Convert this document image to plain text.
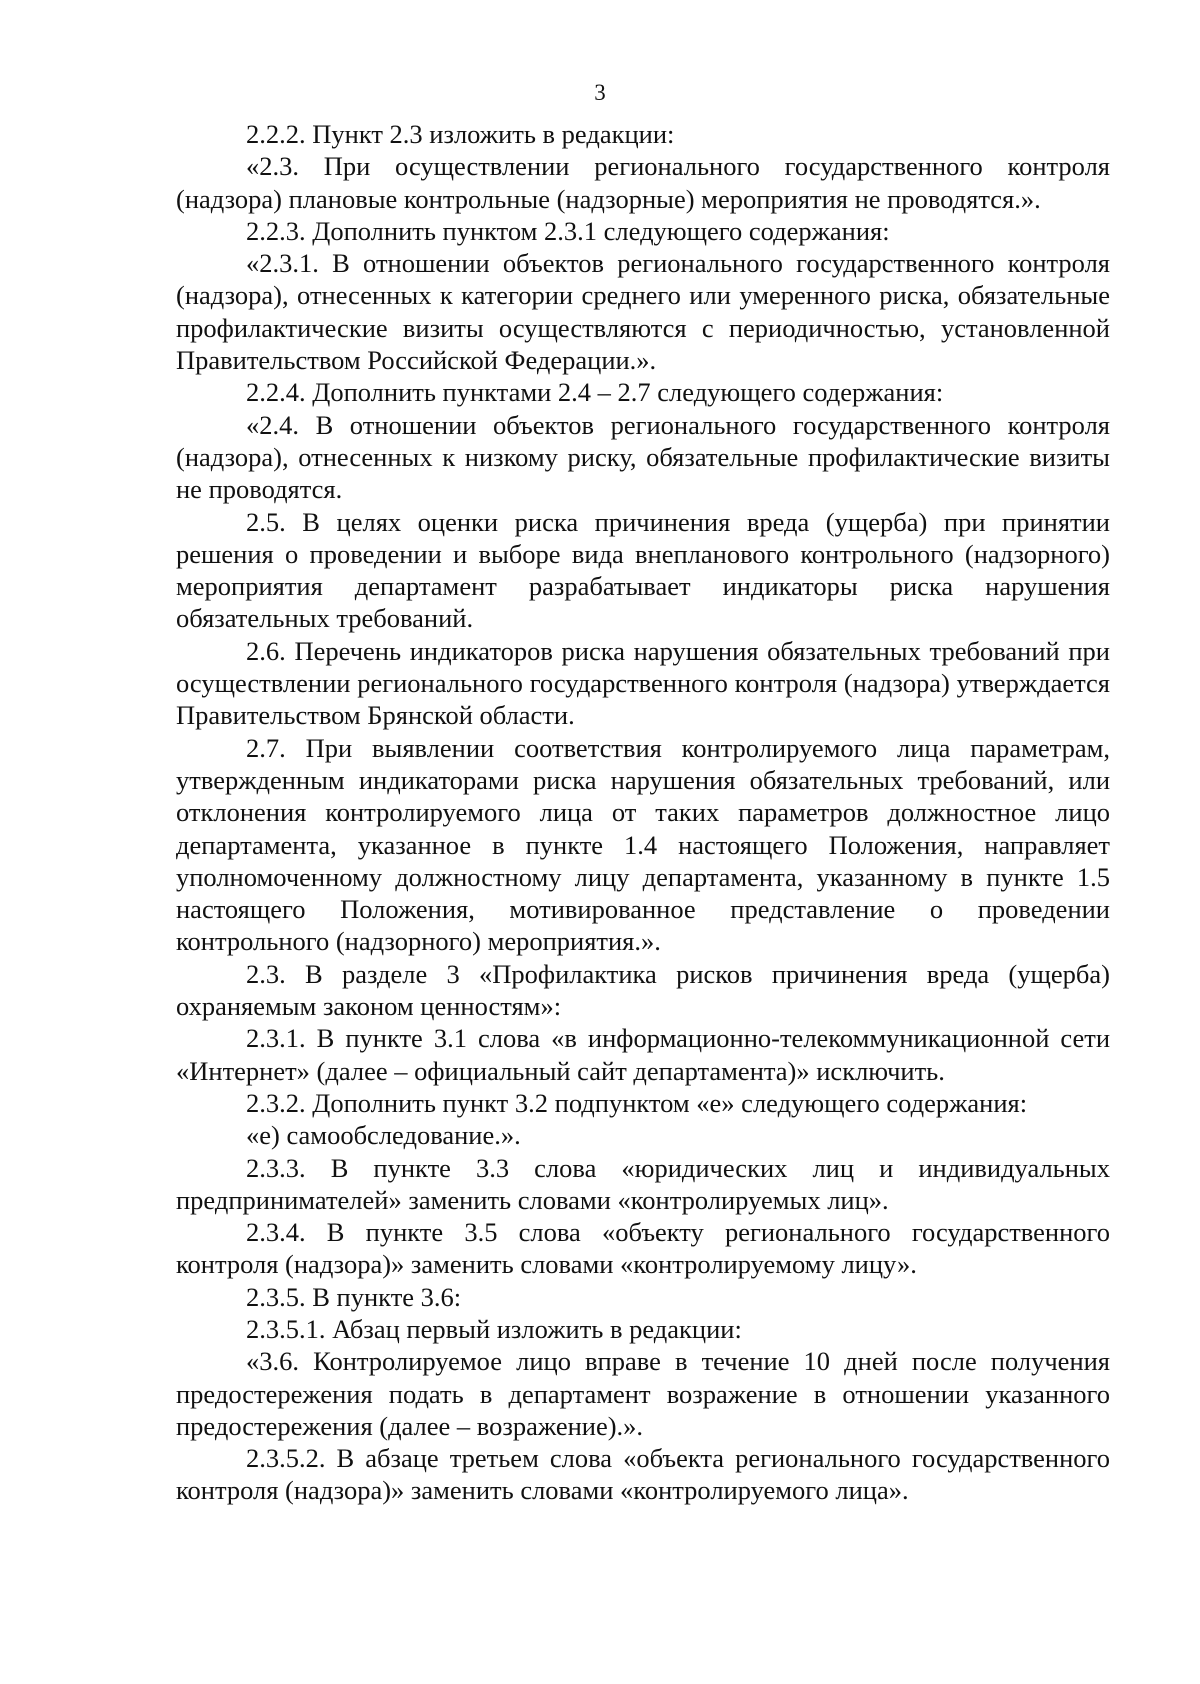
3

2.2.2. Пункт 2.3 изложить в редакции:

«2.3. При осуществлении регионального государственного контроля (надзора) плановые контрольные (надзорные) мероприятия не проводятся.».

2.2.3. Дополнить пунктом 2.3.1 следующего содержания:

«2.3.1. В отношении объектов регионального государственного контроля (надзора), отнесенных к категории среднего или умеренного риска, обязательные профилактические визиты осуществляются с периодичностью, установленной Правительством Российской Федерации.».

2.2.4. Дополнить пунктами 2.4 – 2.7 следующего содержания:

«2.4. В отношении объектов регионального государственного контроля (надзора), отнесенных к низкому риску, обязательные профилактические визиты не проводятся.

2.5. В целях оценки риска причинения вреда (ущерба) при принятии решения о проведении и выборе вида внепланового контрольного (надзорного) мероприятия департамент разрабатывает индикаторы риска нарушения обязательных требований.

2.6. Перечень индикаторов риска нарушения обязательных требований при осуществлении регионального государственного контроля (надзора) утверждается Правительством Брянской области.

2.7. При выявлении соответствия контролируемого лица параметрам, утвержденным индикаторами риска нарушения обязательных требований, или отклонения контролируемого лица от таких параметров должностное лицо департамента, указанное в пункте 1.4 настоящего Положения, направляет уполномоченному должностному лицу департамента, указанному в пункте 1.5 настоящего Положения, мотивированное представление о проведении контрольного (надзорного) мероприятия.».

2.3. В разделе 3 «Профилактика рисков причинения вреда (ущерба) охраняемым законом ценностям»:

2.3.1. В пункте 3.1 слова «в информационно-телекоммуникационной сети «Интернет» (далее – официальный сайт департамента)» исключить.

2.3.2. Дополнить пункт 3.2 подпунктом «е» следующего содержания:

«е) самообследование.».

2.3.3. В пункте 3.3 слова «юридических лиц и индивидуальных предпринимателей» заменить словами «контролируемых лиц».

2.3.4. В пункте 3.5 слова «объекту регионального государственного контроля (надзора)» заменить словами «контролируемому лицу».

2.3.5. В пункте 3.6:

2.3.5.1. Абзац первый изложить в редакции:

«3.6. Контролируемое лицо вправе в течение 10 дней после получения предостережения подать в департамент возражение в отношении указанного предостережения (далее – возражение).».

2.3.5.2. В абзаце третьем слова «объекта регионального государственного контроля (надзора)» заменить словами «контролируемого лица».
